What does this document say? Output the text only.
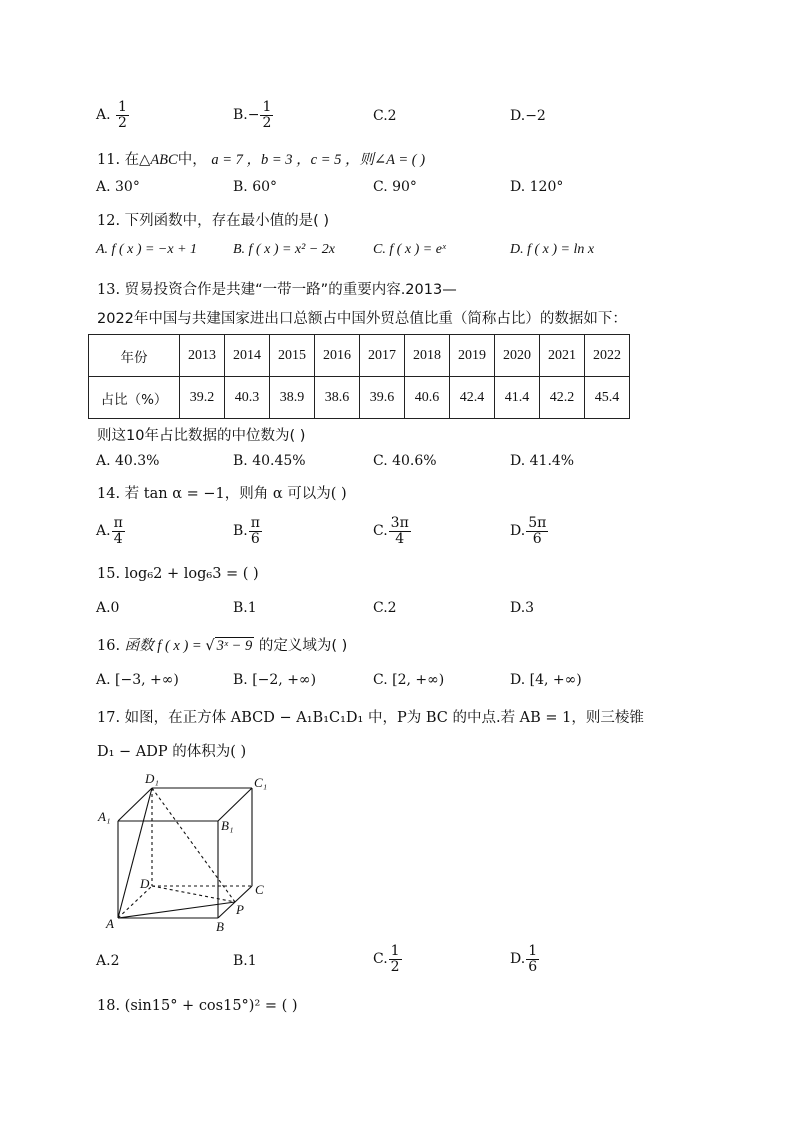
A. $\frac{1}{2}$	$B.- \frac{1}{2}$	C.2	D.−2
11. 在△ABC中， a = 7 ，b = 3 ，c = 5 ，则∠A = ( )
A. 30°	B. 60°	C. 90°	D. 120°
12. 下列函数中，存在最小值的是( )
A. f ( x ) = −x + 1	B. f ( x ) = x² − 2x	C. f ( x ) = eˣ	D. f ( x ) = ln x
13. 贸易投资合作是共建“一带一路”的重要内容.2013—
2022年中国与共建国家进出口总额占中国外贸总值比重（简称占比）的数据如下：
年份	2013	2014	2015	2016	2017	2018	2019	2020	2021	2022
占比（%）	39.2	40.3	38.9	38.6	39.6	40.6	42.4	41.4	42.2	45.4
则这10年占比数据的中位数为( )
A. 40.3%	B. 40.45%	C. 40.6%	D. 41.4%
14. 若 tan α = −1，则角 α 可以为( )
A. $\frac{\pi}{4}$	B. $\frac{\pi}{6}$	C. $\frac{3\pi}{4}$	D. $\frac{5\pi}{6}$
15. log₆2 + log₆3 = ( )
A.0	B.1	C.2	D.3
16. 函数 f ( x ) = √ 3ˣ − 9 的定义域为( )
A. [−3, +∞)	B. [−2, +∞)	C. [2, +∞)	D. [4, +∞)
17. 如图，在正方体 ABCD − A₁B₁C₁D₁ 中，P为 BC 的中点.若 AB = 1，则三棱锥
D₁ − ADP 的体积为( )
D₁	C₁
A₁
B₁
D	C
P
A	B
A.2	B.1	C. $\frac{1}{2}$	D. $\frac{1}{6}$
18. (sin15° + cos15°)² = ( )
